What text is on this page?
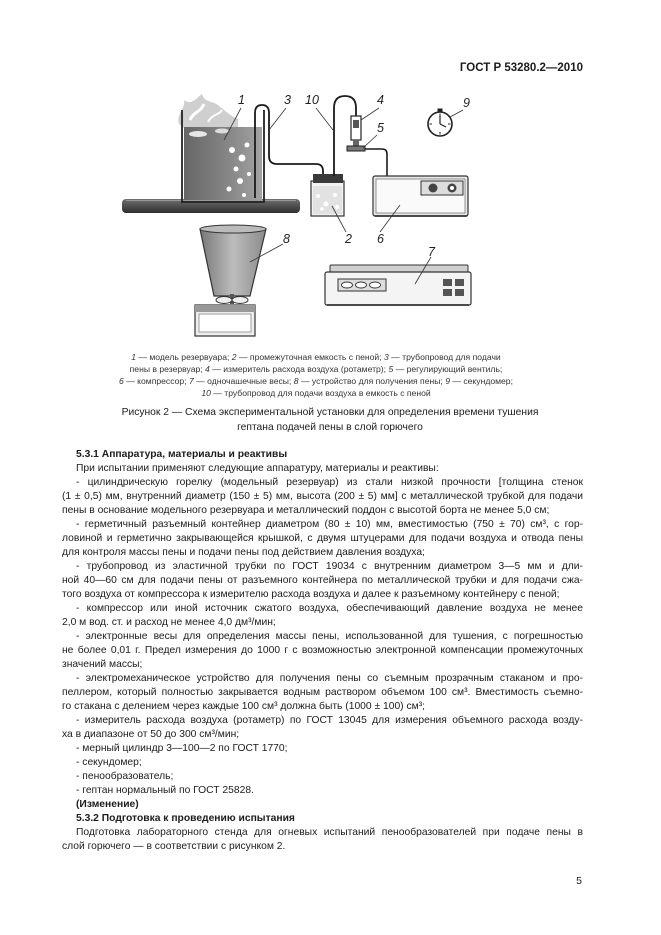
ГОСТ Р 53280.2—2010
1	3 10	4
5
9
2 6
8
7
1 — модель резервуара; 2 — промежуточная емкость с пеной; 3 — трубопровод для подачи
пены в резервуар; 4 — измеритель расхода воздуха (ротаметр); 5 — регулирующий вентиль;
6 — компрессор; 7 — одночашечные весы; 8 — устройство для получения пены; 9 — секундомер;
10 — трубопровод для подачи воздуха в емкость с пеной
Рисунок 2 — Схема экспериментальной установки для определения времени тушения
гептана подачей пены в слой горючего
5.3.1 Аппаратура, материалы и реактивы
При испытании применяют следующие аппаратуру, материалы и реактивы:
- цилиндрическую горелку (модельный резервуар) из стали низкой прочности [толщина стенок
(1 ± 0,5) мм, внутренний диаметр (150 ± 5) мм, высота (200 ± 5) мм] с металлической трубкой для подачи
пены в основание модельного резервуара и металлический поддон с высотой борта не менее 5,0 см;
- герметичный разъемный контейнер диаметром (80 ± 10) мм, вместимостью (750 ± 70) см³, с гор-
ловиной и герметично закрывающейся крышкой, с двумя штуцерами для подачи воздуха и отвода пены
для контроля массы пены и подачи пены под действием давления воздуха;
- трубопровод из эластичной трубки по ГОСТ 19034 с внутренним диаметром 3—5 мм и дли-
ной 40—60 см для подачи пены от разъемного контейнера по металлической трубки и для подачи сжа-
того воздуха от компрессора к измерителю расхода воздуха и далее к разъемному контейнеру с пеной;
- компрессор или иной источник сжатого воздуха, обеспечивающий давление воздуха не менее
2,0 м вод. ст. и расход не менее 4,0 дм³/мин;
- электронные весы для определения массы пены, использованной для тушения, с погрешностью
не более 0,01 г. Предел измерения до 1000 г с возможностью электронной компенсации промежуточных
значений массы;
- электромеханическое устройство для получения пены со съемным прозрачным стаканом и про-
пеллером, который полностью закрывается водным раствором объемом 100 см³. Вместимость съемно-
го стакана с делением через каждые 100 см³ должна быть (1000 ± 100) см³;
- измеритель расхода воздуха (ротаметр) по ГОСТ 13045 для измерения объемного расхода возду-
ха в диапазоне от 50 до 300 см³/мин;
- мерный цилиндр 3—100—2 по ГОСТ 1770;
- секундомер;
- пенообразователь;
- гептан нормальный по ГОСТ 25828.
(Изменение)
5.3.2 Подготовка к проведению испытания
Подготовка лабораторного стенда для огневых испытаний пенообразователей при подаче пены в
слой горючего — в соответствии с рисунком 2.
5
